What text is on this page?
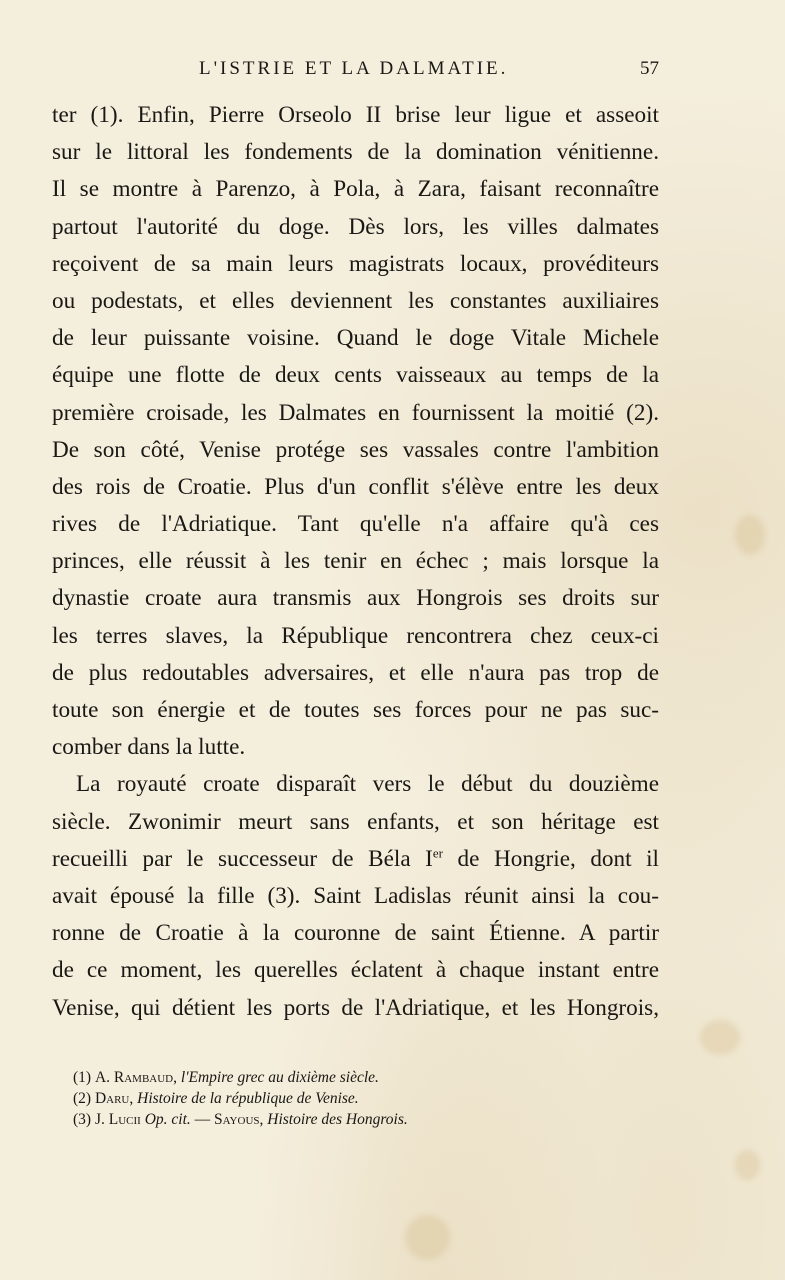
L'ISTRIE ET LA DALMATIE.	57
ter (1). Enfin, Pierre Orseolo II brise leur ligue et asseoit
sur le littoral les fondements de la domination vénitienne.
Il se montre à Parenzo, à Pola, à Zara, faisant reconnaître
partout l'autorité du doge. Dès lors, les villes dalmates
reçoivent de sa main leurs magistrats locaux, provéditeurs
ou podestats, et elles deviennent les constantes auxiliaires
de leur puissante voisine. Quand le doge Vitale Michele
équipe une flotte de deux cents vaisseaux au temps de la
première croisade, les Dalmates en fournissent la moitié (2).
De son côté, Venise protége ses vassales contre l'ambition
des rois de Croatie. Plus d'un conflit s'élève entre les deux
rives de l'Adriatique. Tant qu'elle n'a affaire qu'à ces
princes, elle réussit à les tenir en échec ; mais lorsque la
dynastie croate aura transmis aux Hongrois ses droits sur
les terres slaves, la République rencontrera chez ceux-ci
de plus redoutables adversaires, et elle n'aura pas trop de
toute son énergie et de toutes ses forces pour ne pas suc-
comber dans la lutte.
La royauté croate disparaît vers le début du douzième
siècle. Zwonimir meurt sans enfants, et son héritage est
recueilli par le successeur de Béla Ier de Hongrie, dont il
avait épousé la fille (3). Saint Ladislas réunit ainsi la cou-
ronne de Croatie à la couronne de saint Étienne. A partir
de ce moment, les querelles éclatent à chaque instant entre
Venise, qui détient les ports de l'Adriatique, et les Hongrois,
(1) A. Rambaud, l'Empire grec au dixième siècle.
(2) Daru, Histoire de la république de Venise.
(3) J. Lucii Op. cit. — Sayous, Histoire des Hongrois.
